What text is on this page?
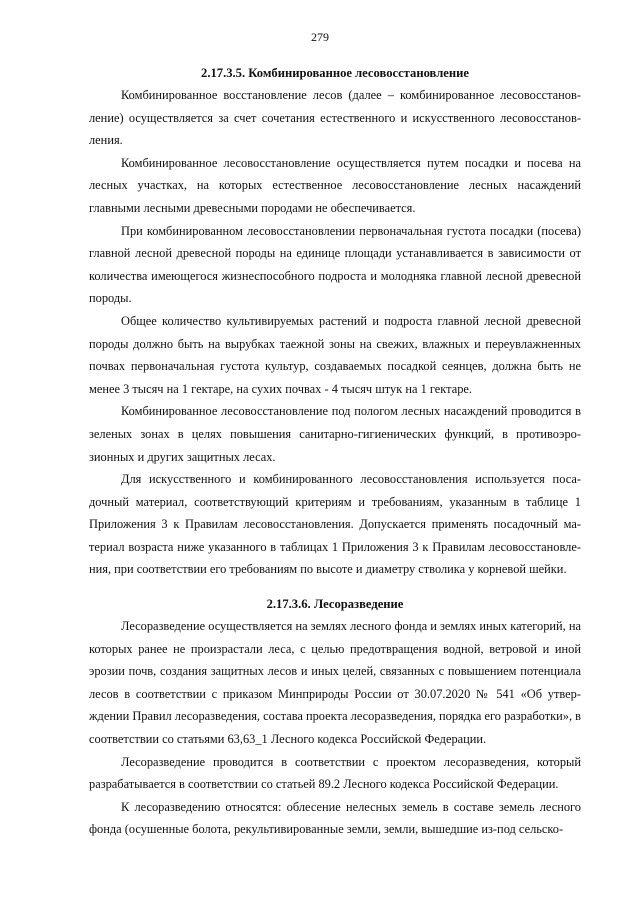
279
2.17.3.5. Комбинированное лесовосстановление

Комбинированное восстановление лесов (далее – комбинированное лесовосстановление) осуществляется за счет сочетания естественного и искусственного лесовосстановления.

Комбинированное лесовосстановление осуществляется путем посадки и посева на лесных участках, на которых естественное лесовосстановление лесных насаждений главными лесными древесными породами не обеспечивается.

При комбинированном лесовосстановлении первоначальная густота посадки (посева) главной лесной древесной породы на единице площади устанавливается в зависимости от количества имеющегося жизнеспособного подроста и молодняка главной лесной древесной породы.

Общее количество культивируемых растений и подроста главной лесной древесной породы должно быть на вырубках таежной зоны на свежих, влажных и переувлажненных почвах первоначальная густота культур, создаваемых посадкой сеянцев, должна быть не менее 3 тысяч на 1 гектаре, на сухих почвах - 4 тысяч штук на 1 гектаре.

Комбинированное лесовосстановление под пологом лесных насаждений проводится в зеленых зонах в целях повышения санитарно-гигиенических функций, в противоэрозионных и других защитных лесах.

Для искусственного и комбинированного лесовосстановления используется посадочный материал, соответствующий критериям и требованиям, указанным в таблице 1 Приложения 3 к Правилам лесовосстановления. Допускается применять посадочный материал возраста ниже указанного в таблицах 1 Приложения 3 к Правилам лесовосстановления, при соответствии его требованиям по высоте и диаметру стволика у корневой шейки.

2.17.3.6. Лесоразведение

Лесоразведение осуществляется на землях лесного фонда и землях иных категорий, на которых ранее не произрастали леса, с целью предотвращения водной, ветровой и иной эрозии почв, создания защитных лесов и иных целей, связанных с повышением потенциала лесов в соответствии с приказом Минприроды России от 30.07.2020 № 541 «Об утверждении Правил лесоразведения, состава проекта лесоразведения, порядка его разработки», в соответствии со статьями 63,63_1 Лесного кодекса Российской Федерации.

Лесоразведение проводится в соответствии с проектом лесоразведения, который разрабатывается в соответствии со статьей 89.2 Лесного кодекса Российской Федерации.

К лесоразведению относятся: облесение нелесных земель в составе земель лесного фонда (осушенные болота, рекультивированные земли, земли, вышедшие из-под сельско-
